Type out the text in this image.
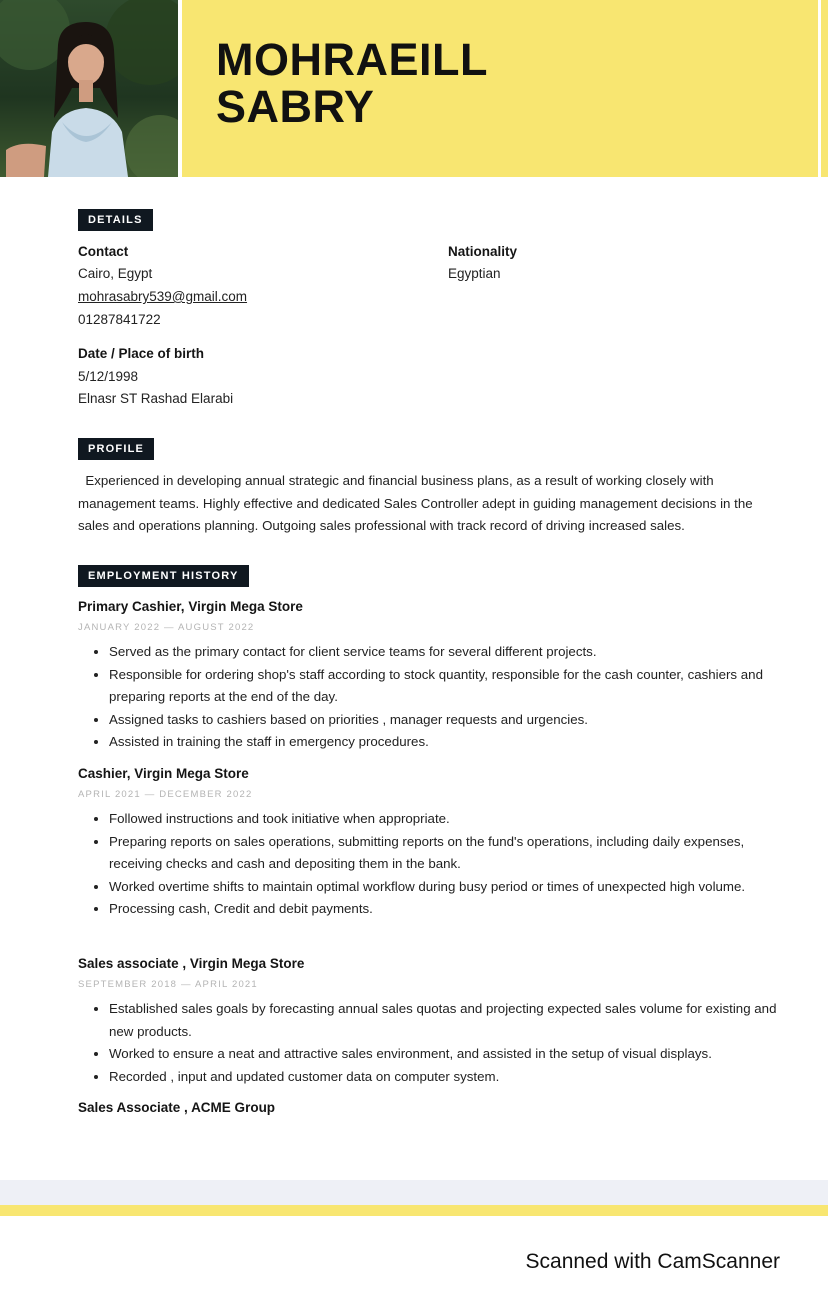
MOHRAEILL
SABRY
DETAILS
Contact
Cairo, Egypt
mohrasabry539@gmail.com
01287841722
Nationality
Egyptian
Date / Place of birth
5/12/1998
Elnasr ST Rashad Elarabi
PROFILE

Experienced in developing annual strategic and financial business plans, as a result of working closely with management teams. Highly effective and dedicated Sales Controller adept in guiding management decisions in the sales and operations planning. Outgoing sales professional with track record of driving increased sales.

EMPLOYMENT HISTORY
Primary Cashier, Virgin Mega Store
JANUARY 2022 — AUGUST 2022
• Served as the primary contact for client service teams for several different projects.
• Responsible for ordering shop's staff according to stock quantity, responsible for the cash counter, cashiers and preparing reports at the end of the day.
• Assigned tasks to cashiers based on priorities , manager requests and urgencies.
• Assisted in training the staff in emergency procedures.
Cashier, Virgin Mega Store
APRIL 2021 — DECEMBER 2022
• Followed instructions and took initiative when appropriate.
• Preparing reports on sales operations, submitting reports on the fund's operations, including daily expenses, receiving checks and cash and depositing them in the bank.
• Worked overtime shifts to maintain optimal workflow during busy period or times of unexpected high volume.
• Processing cash, Credit and debit payments.
Sales associate , Virgin Mega Store
SEPTEMBER 2018 — APRIL 2021
• Established sales goals by forecasting annual sales quotas and projecting expected sales volume for existing and new products.
• Worked to ensure a neat and attractive sales environment, and assisted in the setup of visual displays.
• Recorded , input and updated customer data on computer system.
Sales Associate , ACME Group
Scanned with CamScanner
